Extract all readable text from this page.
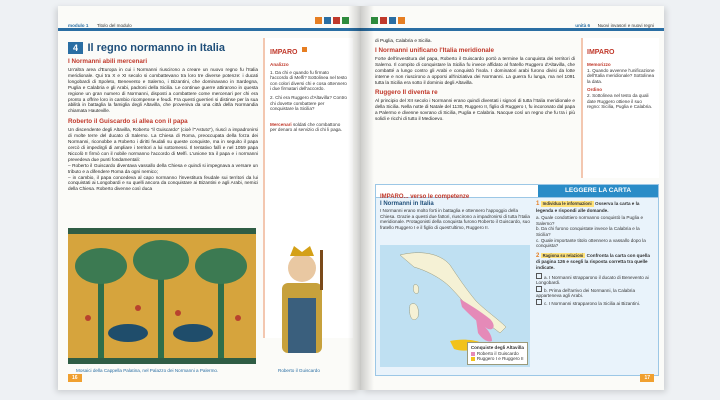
modulo 1 Titolo del modulo
4 Il regno normanno in Italia
I Normanni abili mercenari
Un'altra area d'Europa in cui i Normanni riuscirono a creare un nuovo regno fu l'Italia meridionale. Qui tra X e XI secolo si combattevano tra loro tre diverse potenze: i ducati longobardi di Spoleto, Benevento e Salerno, i Bizantini, che dominavano in Sardegna, Puglia e Calabria e gli Arabi, padroni della Sicilia. Le continue guerre attirarono in questa regione un gran numero di Normanni, disposti a combattere come mercenari per chi era pronto a offrire loro in cambio ricompense e feudi. Fra questi guerrieri si distinse per la sua abilità in battaglia la famiglia degli Altavilla, che proveniva da una città della Normandia chiamata Hauteville.
Roberto il Guiscardo si allea con il papa
Un discendente degli Altavilla, Roberto "il Guiscardo" (cioè l'"Astuto"), riuscì a impadronirsi di molte terre del ducato di Salerno. La Chiesa di Roma, preoccupata della forza dei Normanni, riconobbe a Roberto i diritti feudali su queste conquiste, ma in seguito il papa cercò di impedirgli di ampliare i territori a lui sottomessi. Il tentativo fallì e nel 1059 papa Niccolò II firmò con il nobile normanno l'accordo di Melfi. L'unione tra il papa e i normanni prevedeva due punti fondamentali:
– Roberto il Guiscardo diventava vassallo della Chiesa e quindi si impegnava a versare un tributo e a difendere Roma da ogni nemico;
– in cambio, il papa concedeva al capo normanno l'investitura feudale sui territori da lui conquistati ai Longobardi e su quelli ancora da conquistare ai Bizantini e agli Arabi, nemici della Chiesa. Roberto divenne così duca
IMPARO
Analizzo
1. Da chi e quando fu firmato l'accordo di Melfi? Sottolinea nel testo con colori diversi chi e cosa ottennero i due firmatari dell'accordo.
2. Chi era Ruggero d'Altavilla? Contro chi dovette combattere per conquistare la Sicilia?
Mercenari soldati che combattono per denaro al servizio di chi li paga.
Mosaici della Cappella Palatina, nel Palazzo dei Normanni a Palermo.	Roberto il Guiscardo
16
unità 6 Nuovi invasori e nuovi regni
di Puglia, Calabria e Sicilia.
I Normanni unificano l'Italia meridionale
Forte dell'investitura del papa, Roberto il Guiscardo portò a termine la conquista dei territori di Salerno. Il compito di conquistare la Sicilia fu invece affidato al fratello Ruggero d'Altavilla, che combatté a lungo contro gli Arabi e conquistò l'isola. I dominatori arabi furono divisi da lotte interne e non riuscirono a opporsi all'iniziativa dei Normanni. La guerra fu lunga, ma nel 1091 tutta la Sicilia era sotto il dominio degli Altavilla.
Ruggero II diventa re
Al principio del XII secolo i Normanni erano quindi diventati i signori di tutta l'Italia meridionale e della Sicilia. Nella notte di Natale del 1130, Ruggero II, figlio di Ruggero I, fu incoronato dal papa a Palermo e divenne sovrano di Sicilia, Puglia e Calabria. Nacque così un regno che fu tra i più solidi e ricchi di tutto il Medioevo.
IMPARO
Memorizzo
1. Quando avvenne l'unificazione dell'Italia meridionale? Sottolinea la data.
Ordino
2. Sottolinea nel testo da quali date Ruggero ottiene il suo regno: Sicilia, Puglia e Calabria.
IMPARO... verso le competenze
LEGGERE LA CARTA
I Normanni in Italia
I Normanni erano molto forti in battaglia e ottennero l'appoggio della Chiesa. Grazie a questi due fattori, riuscirono a impadronirsi di tutta l'Italia meridionale. Protagonisti della conquista furono Roberto il Guiscardo, suo fratello Ruggero I e il figlio di quest'ultimo, Ruggero II.
Conquiste degli Altavilla
Roberto il Guiscardo
Ruggero I e Ruggero II
1 Individua le informazioni Osserva la carta e la legenda e rispondi alle domande.
a. Quale condottiero normanno conquistò la Puglia e Salerno?
b. Da chi furono conquistate invece la Calabria e la Sicilia?
c. Quale importante titolo ottennero a vassallo dopo la conquista?
2 Ragiona su relazioni Confronta la carta con quella di pagina 126 e scegli la risposta corretta tra quelle indicate.
a. I Normanni strapparono il ducato di Benevento ai Longobardi.
b. Prima dell'arrivo dei Normanni, la Calabria apparteneva agli Arabi.
c. I Normanni strapparono la Sicilia ai Bizantini.
17
